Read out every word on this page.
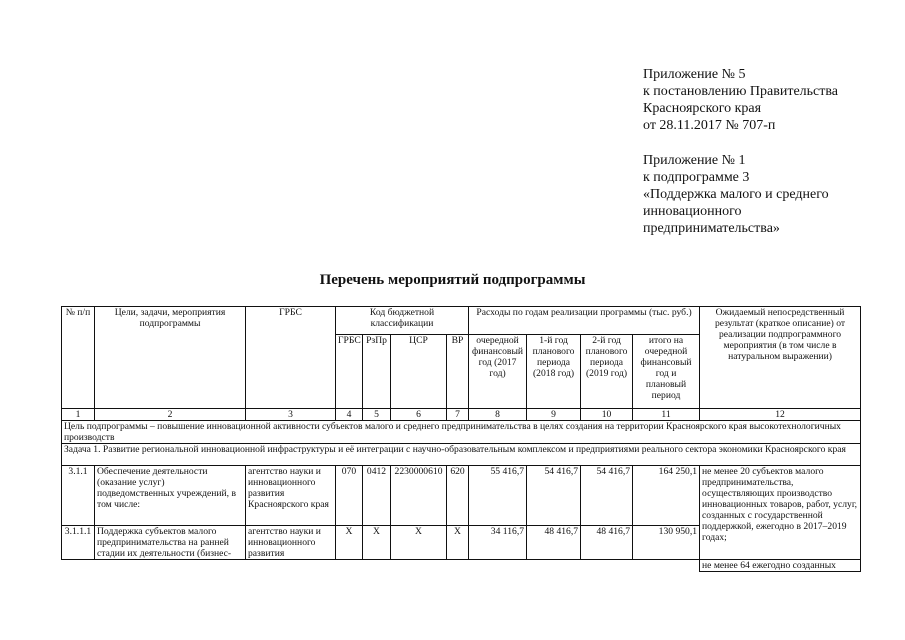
Приложение № 5
к постановлению Правительства
Красноярского края
от 28.11.2017 № 707-п
Приложение № 1
к подпрограмме 3
«Поддержка малого и среднего
инновационного
предпринимательства»
Перечень мероприятий подпрограммы
№ п/п	Цели, задачи, мероприятия подпрограммы	ГРБС	Код бюджетной классификации				Расходы по годам реализации программы (тыс. руб.)				Ожидаемый непосредственный результат (краткое описание) от реализации подпрограммного мероприятия (в том числе в натуральном выражении)
			ГРБС	РзПр	ЦСР	ВР	очередной финансовый год (2017 год)	1-й год планового периода (2018 год)	2-й год планового периода (2019 год)	итого на очередной финансовый год и плановый период	
1	2	3	4	5	6	7	8	9	10	11	12
Цель подпрограммы – повышение инновационной активности субъектов малого и среднего предпринимательства в целях создания на территории Красноярского края высокотехнологичных производств											
Задача 1. Развитие региональной инновационной инфраструктуры и её интеграции с научно-образовательным комплексом и предприятиями реального сектора экономики Красноярского края											
3.1.1	Обеспечение деятельности (оказание услуг) подведомственных учреждений, в том числе:	агентство науки и инновационного развития Красноярского края	070	0412	2230000610	620	55 416,7	54 416,7	54 416,7	164 250,1	не менее 20 субъектов малого предпринимательства, осуществляющих производство инновационных товаров, работ, услуг, созданных с государственной поддержкой, ежегодно в 2017–2019 годах;
3.1.1.1	Поддержка субъектов малого предпринимательства на ранней стадии их деятельности (бизнес-	агентство науки и инновационного развития	X	X	X	X	34 116,7	48 416,7	48 416,7	130 950,1	
											не менее 64 ежегодно созданных
